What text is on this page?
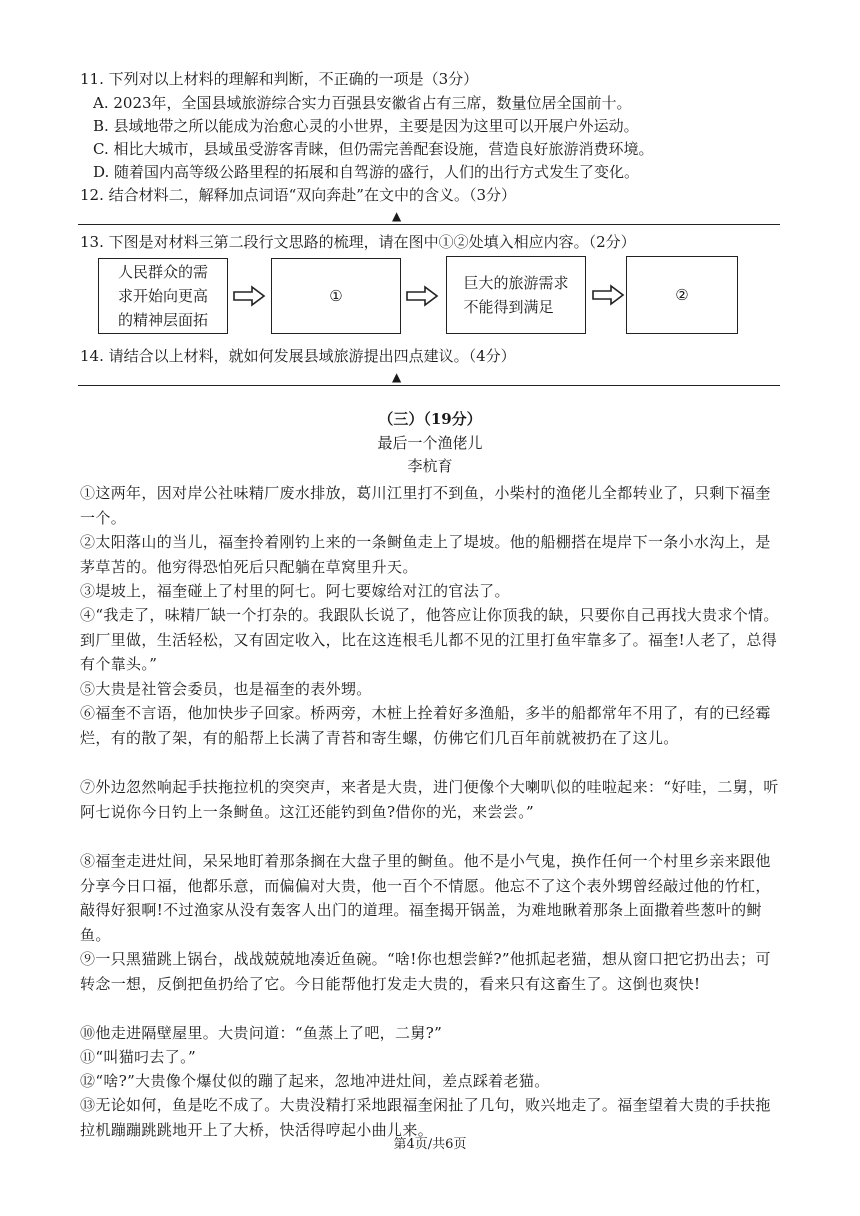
11. 下列对以上材料的理解和判断，不正确的一项是（3分）
A. 2023年，全国县域旅游综合实力百强县安徽省占有三席，数量位居全国前十。
B. 县域地带之所以能成为治愈心灵的小世界，主要是因为这里可以开展户外运动。
C. 相比大城市，县域虽受游客青睐，但仍需完善配套设施，营造良好旅游消费环境。
D. 随着国内高等级公路里程的拓展和自驾游的盛行，人们的出行方式发生了变化。
12. 结合材料二，解释加点词语“双向奔赴”在文中的含义。（3分）
▲
13. 下图是对材料三第二段行文思路的梳理，请在图中①②处填入相应内容。（2分）
人民群众的需
求开始向更高
的精神层面拓
①
巨大的旅游需求
不能得到满足
②
14. 请结合以上材料，就如何发展县域旅游提出四点建议。（4分）
▲
（三）（19分）
最后一个渔佬儿
李杭育
①这两年，因对岸公社味精厂废水排放，葛川江里打不到鱼，小柴村的渔佬儿全都转业了，只剩下福奎一个。
②太阳落山的当儿，福奎拎着刚钓上来的一条鲥鱼走上了堤坡。他的船棚搭在堤岸下一条小水沟上，是茅草苫的。他穷得恐怕死后只配躺在草窝里升天。
③堤坡上，福奎碰上了村里的阿七。阿七要嫁给对江的官法了。
④“我走了，味精厂缺一个打杂的。我跟队长说了，他答应让你顶我的缺，只要你自己再找大贵求个情。到厂里做，生活轻松，又有固定收入，比在这连根毛儿都不见的江里打鱼牢靠多了。福奎!人老了，总得有个靠头。”
⑤大贵是社管会委员，也是福奎的表外甥。
⑥福奎不言语，他加快步子回家。桥两旁，木桩上拴着好多渔船，多半的船都常年不用了，有的已经霉烂，有的散了架，有的船帮上长满了青苔和寄生螺，仿佛它们几百年前就被扔在了这儿。
⑦外边忽然响起手扶拖拉机的突突声，来者是大贵，进门便像个大喇叭似的哇啦起来：“好哇，二舅，听阿七说你今日钓上一条鲥鱼。这江还能钓到鱼?借你的光，来尝尝。”
⑧福奎走进灶间，呆呆地盯着那条搁在大盘子里的鲥鱼。他不是小气鬼，换作任何一个村里乡亲来跟他分享今日口福，他都乐意，而偏偏对大贵，他一百个不情愿。他忘不了这个表外甥曾经敲过他的竹杠，敲得好狠啊!不过渔家从没有轰客人出门的道理。福奎揭开锅盖，为难地瞅着那条上面撒着些葱叶的鲥鱼。
⑨一只黑猫跳上锅台，战战兢兢地凑近鱼碗。“啥!你也想尝鲜?”他抓起老猫，想从窗口把它扔出去；可转念一想，反倒把鱼扔给了它。今日能帮他打发走大贵的，看来只有这畜生了。这倒也爽快!
⑩他走进隔壁屋里。大贵问道：“鱼蒸上了吧，二舅?”
⑪“叫猫叼去了。”
⑫“啥?”大贵像个爆仗似的蹦了起来，忽地冲进灶间，差点踩着老猫。
⑬无论如何，鱼是吃不成了。大贵没精打采地跟福奎闲扯了几句，败兴地走了。福奎望着大贵的手扶拖拉机蹦蹦跳跳地开上了大桥，快活得哼起小曲儿来。
第4页/共6页
